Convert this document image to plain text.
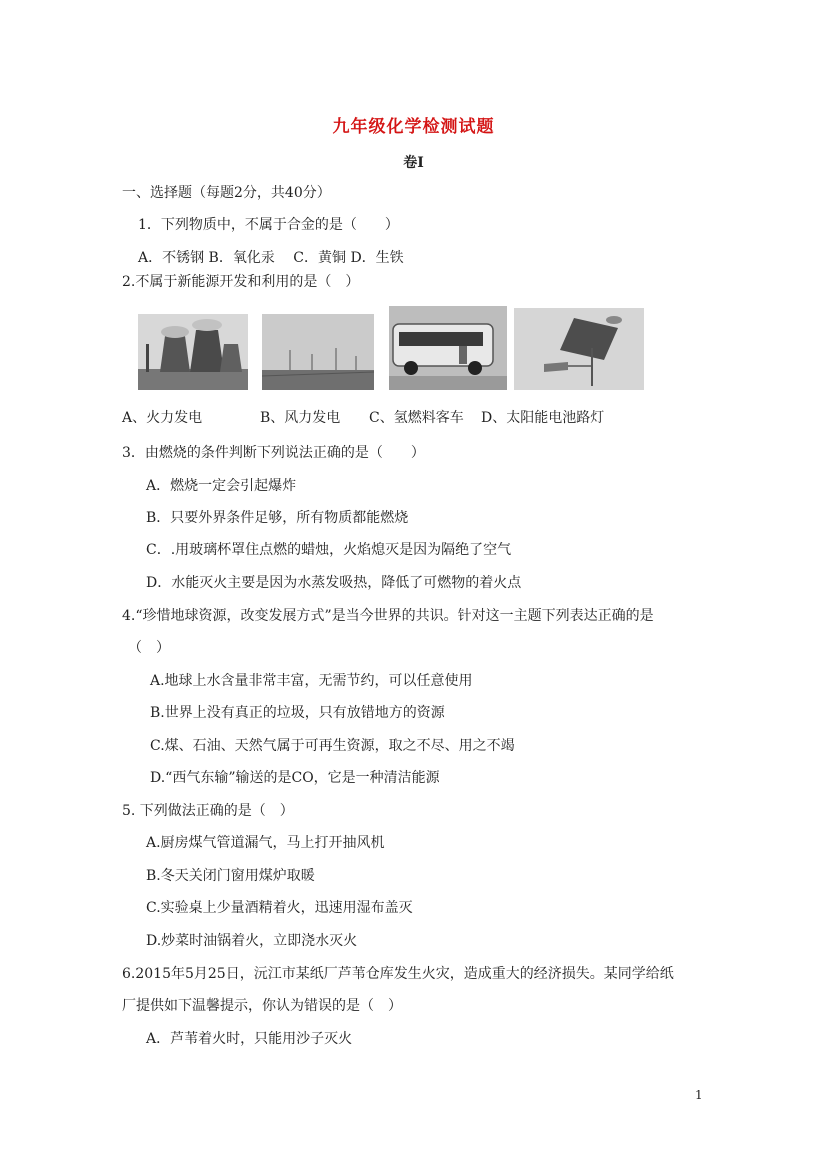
九年级化学检测试题
卷Ⅰ
一、选择题（每题2分，共40分）
1．下列物质中，不属于合金的是（　　）
A．不锈钢 B．氧化汞　 C．黄铜 D．生铁
2.不属于新能源开发和利用的是（　）
A、火力发电	B、风力发电 C、氢燃料客车 D、太阳能电池路灯
3．由燃烧的条件判断下列说法正确的是（　　）
A．燃烧一定会引起爆炸
B．只要外界条件足够，所有物质都能燃烧
C．.用玻璃杯罩住点燃的蜡烛，火焰熄灭是因为隔绝了空气
D．水能灭火主要是因为水蒸发吸热，降低了可燃物的着火点
4.“珍惜地球资源，改变发展方式”是当今世界的共识。针对这一主题下列表达正确的是
（　）
A.地球上水含量非常丰富，无需节约，可以任意使用
B.世界上没有真正的垃圾，只有放错地方的资源
C.煤、石油、天然气属于可再生资源，取之不尽、用之不竭
D.“西气东输”输送的是CO，它是一种清洁能源
5. 下列做法正确的是（　）
A.厨房煤气管道漏气，马上打开抽风机
B.冬天关闭门窗用煤炉取暖
C.实验桌上少量酒精着火，迅速用湿布盖灭
D.炒菜时油锅着火，立即浇水灭火
6.2015年5月25日，沅江市某纸厂芦苇仓库发生火灾，造成重大的经济损失。某同学给纸
厂提供如下温馨提示，你认为错误的是（　）
A．芦苇着火时，只能用沙子灭火
1
